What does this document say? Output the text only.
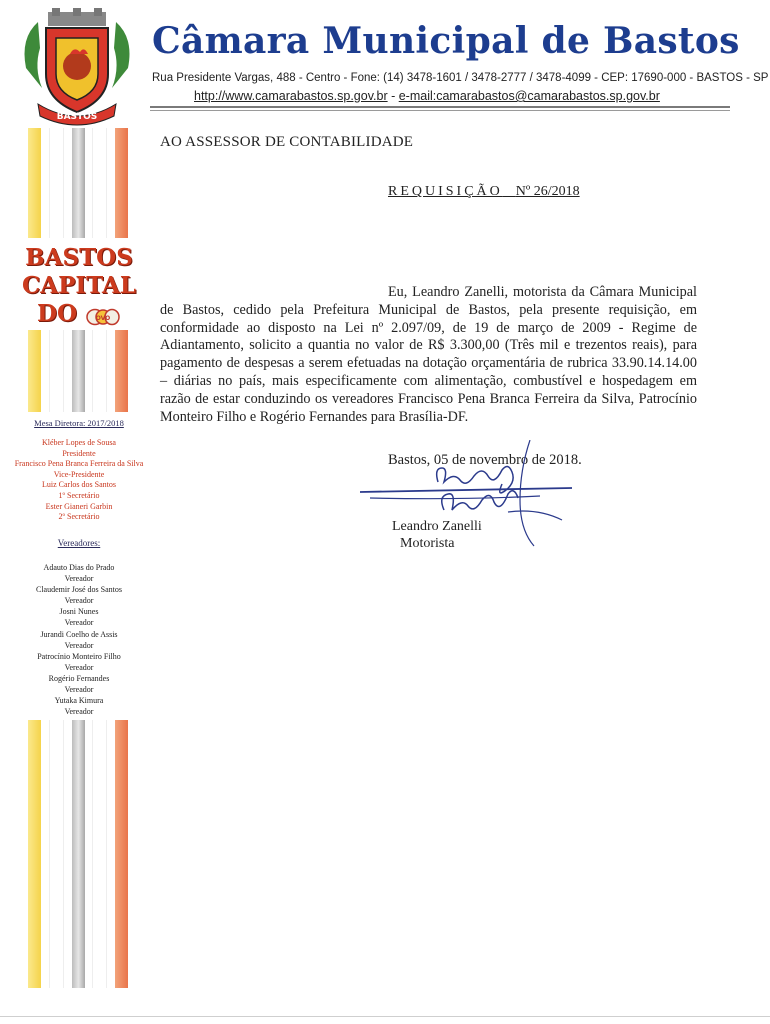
BASTOS
Câmara Municipal de Bastos
Rua Presidente Vargas, 488 - Centro - Fone: (14) 3478-1601 / 3478-2777 / 3478-4099 - CEP: 17690-000 - BASTOS - SP
http://www.camarabastos.sp.gov.br - e-mail:camarabastos@camarabastos.sp.gov.br
BASTOS
CAPITAL
DO	OVO
Mesa Diretora: 2017/2018
Kléber Lopes de Sousa
Presidente
Francisco Pena Branca Ferreira da Silva
Vice-Presidente
Luiz Carlos dos Santos
1º Secretário
Ester Gianeri Garbin
2º Secretário
Vereadores:
Adauto Dias do Prado
Vereador
Claudemir José dos Santos
Vereador
Josni Nunes
Vereador
Jurandi Coelho de Assis
Vereador
Patrocínio Monteiro Filho
Vereador
Rogério Fernandes
Vereador
Yutaka Kimura
Vereador
AO ASSESSOR DE CONTABILIDADE
REQUISIÇÃO Nº 26/2018
Eu, Leandro Zanelli, motorista da Câmara Municipal de Bastos, cedido pela Prefeitura Municipal de Bastos, pela presente requisição, em conformidade ao disposto na Lei nº 2.097/09, de 19 de março de 2009 - Regime de Adiantamento, solicito a quantia no valor de R$ 3.300,00 (Três mil e trezentos reais), para pagamento de despesas a serem efetuadas na dotação orçamentária de rubrica 33.90.14.14.00 – diárias no país, mais especificamente com alimentação, combustível e hospedagem em razão de estar conduzindo os vereadores Francisco Pena Branca Ferreira da Silva, Patrocínio Monteiro Filho e Rogério Fernandes para Brasília-DF.
Bastos, 05 de novembro de 2018.
Leandro Zanelli
Motorista
